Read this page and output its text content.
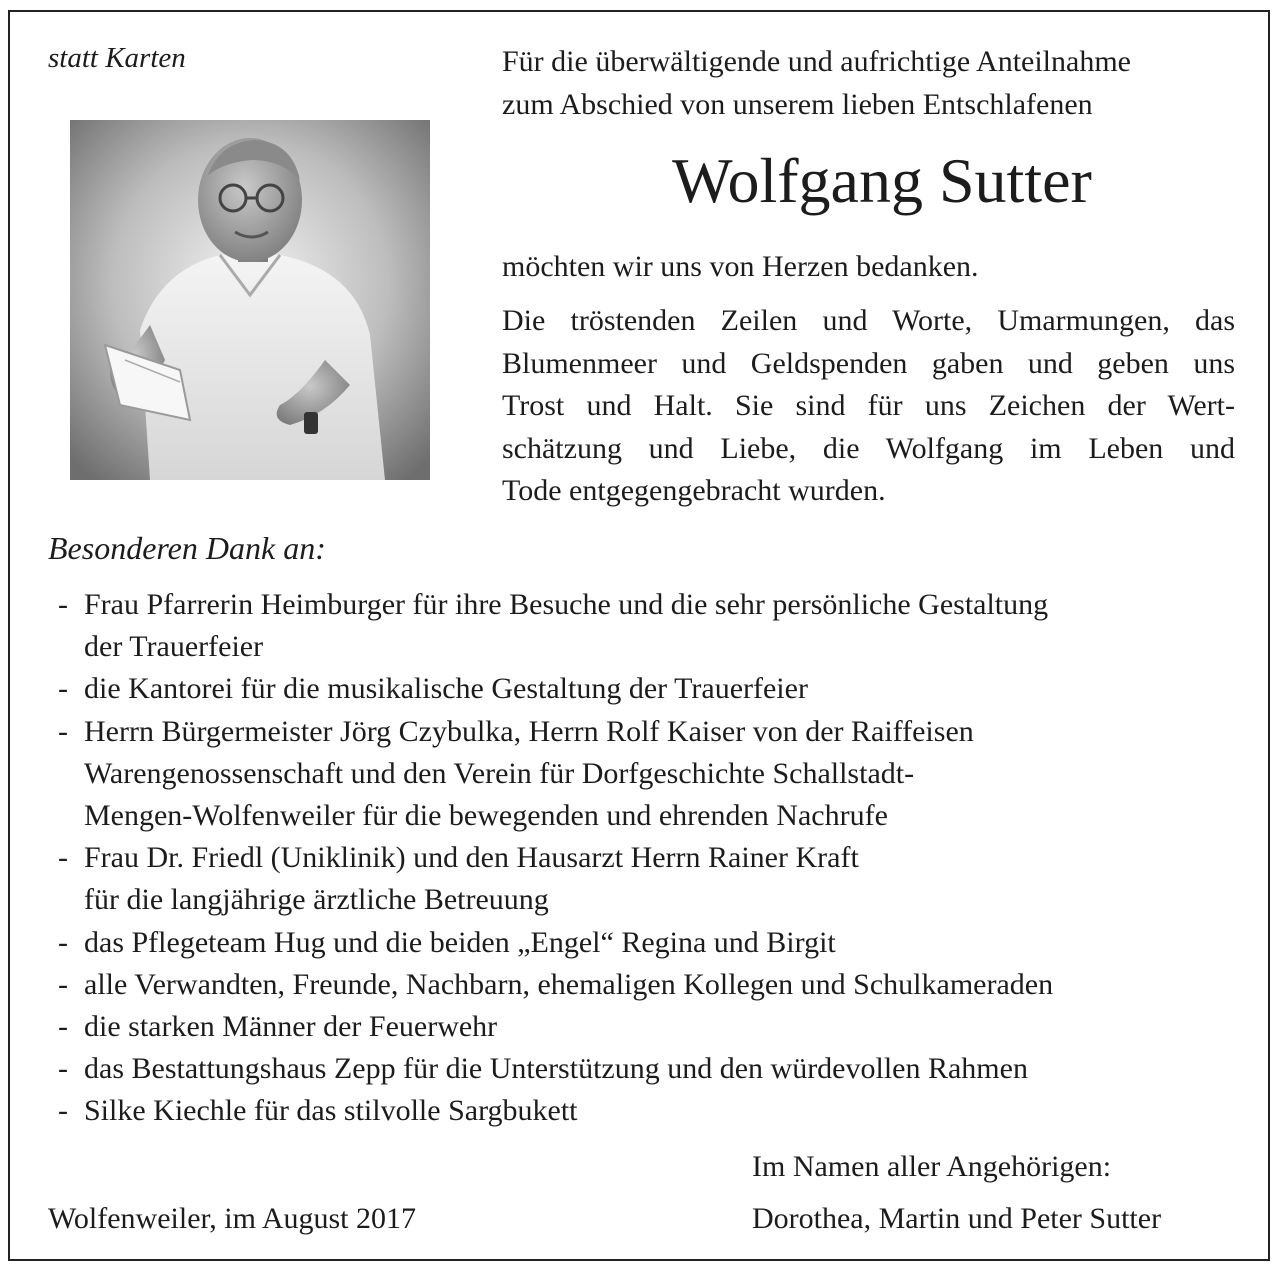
statt Karten	Für die überwältigende und aufrichtige Anteilnahme
zum Abschied von unserem lieben Entschlafenen
Wolfgang Sutter
möchten wir uns von Herzen bedanken.
Die tröstenden Zeilen und Worte, Umarmungen, das
Blumenmeer und Geldspenden gaben und geben uns
Trost und Halt. Sie sind für uns Zeichen der Wert-
schätzung und Liebe, die Wolfgang im Leben und
Tode entgegengebracht wurden.
Besonderen Dank an:
- Frau Pfarrerin Heimburger für ihre Besuche und die sehr persönliche Gestaltung
der Trauerfeier
- die Kantorei für die musikalische Gestaltung der Trauerfeier
- Herrn Bürgermeister Jörg Czybulka, Herrn Rolf Kaiser von der Raiffeisen
Warengenossenschaft und den Verein für Dorfgeschichte Schallstadt-
Mengen-Wolfenweiler für die bewegenden und ehrenden Nachrufe
- Frau Dr. Friedl (Uniklinik) und den Hausarzt Herrn Rainer Kraft
für die langjährige ärztliche Betreuung
- das Pflegeteam Hug und die beiden „Engel“ Regina und Birgit
- alle Verwandten, Freunde, Nachbarn, ehemaligen Kollegen und Schulkameraden
- die starken Männer der Feuerwehr
- das Bestattungshaus Zepp für die Unterstützung und den würdevollen Rahmen
- Silke Kiechle für das stilvolle Sargbukett
Im Namen aller Angehörigen:
Dorothea, Martin und Peter Sutter
Wolfenweiler, im August 2017
